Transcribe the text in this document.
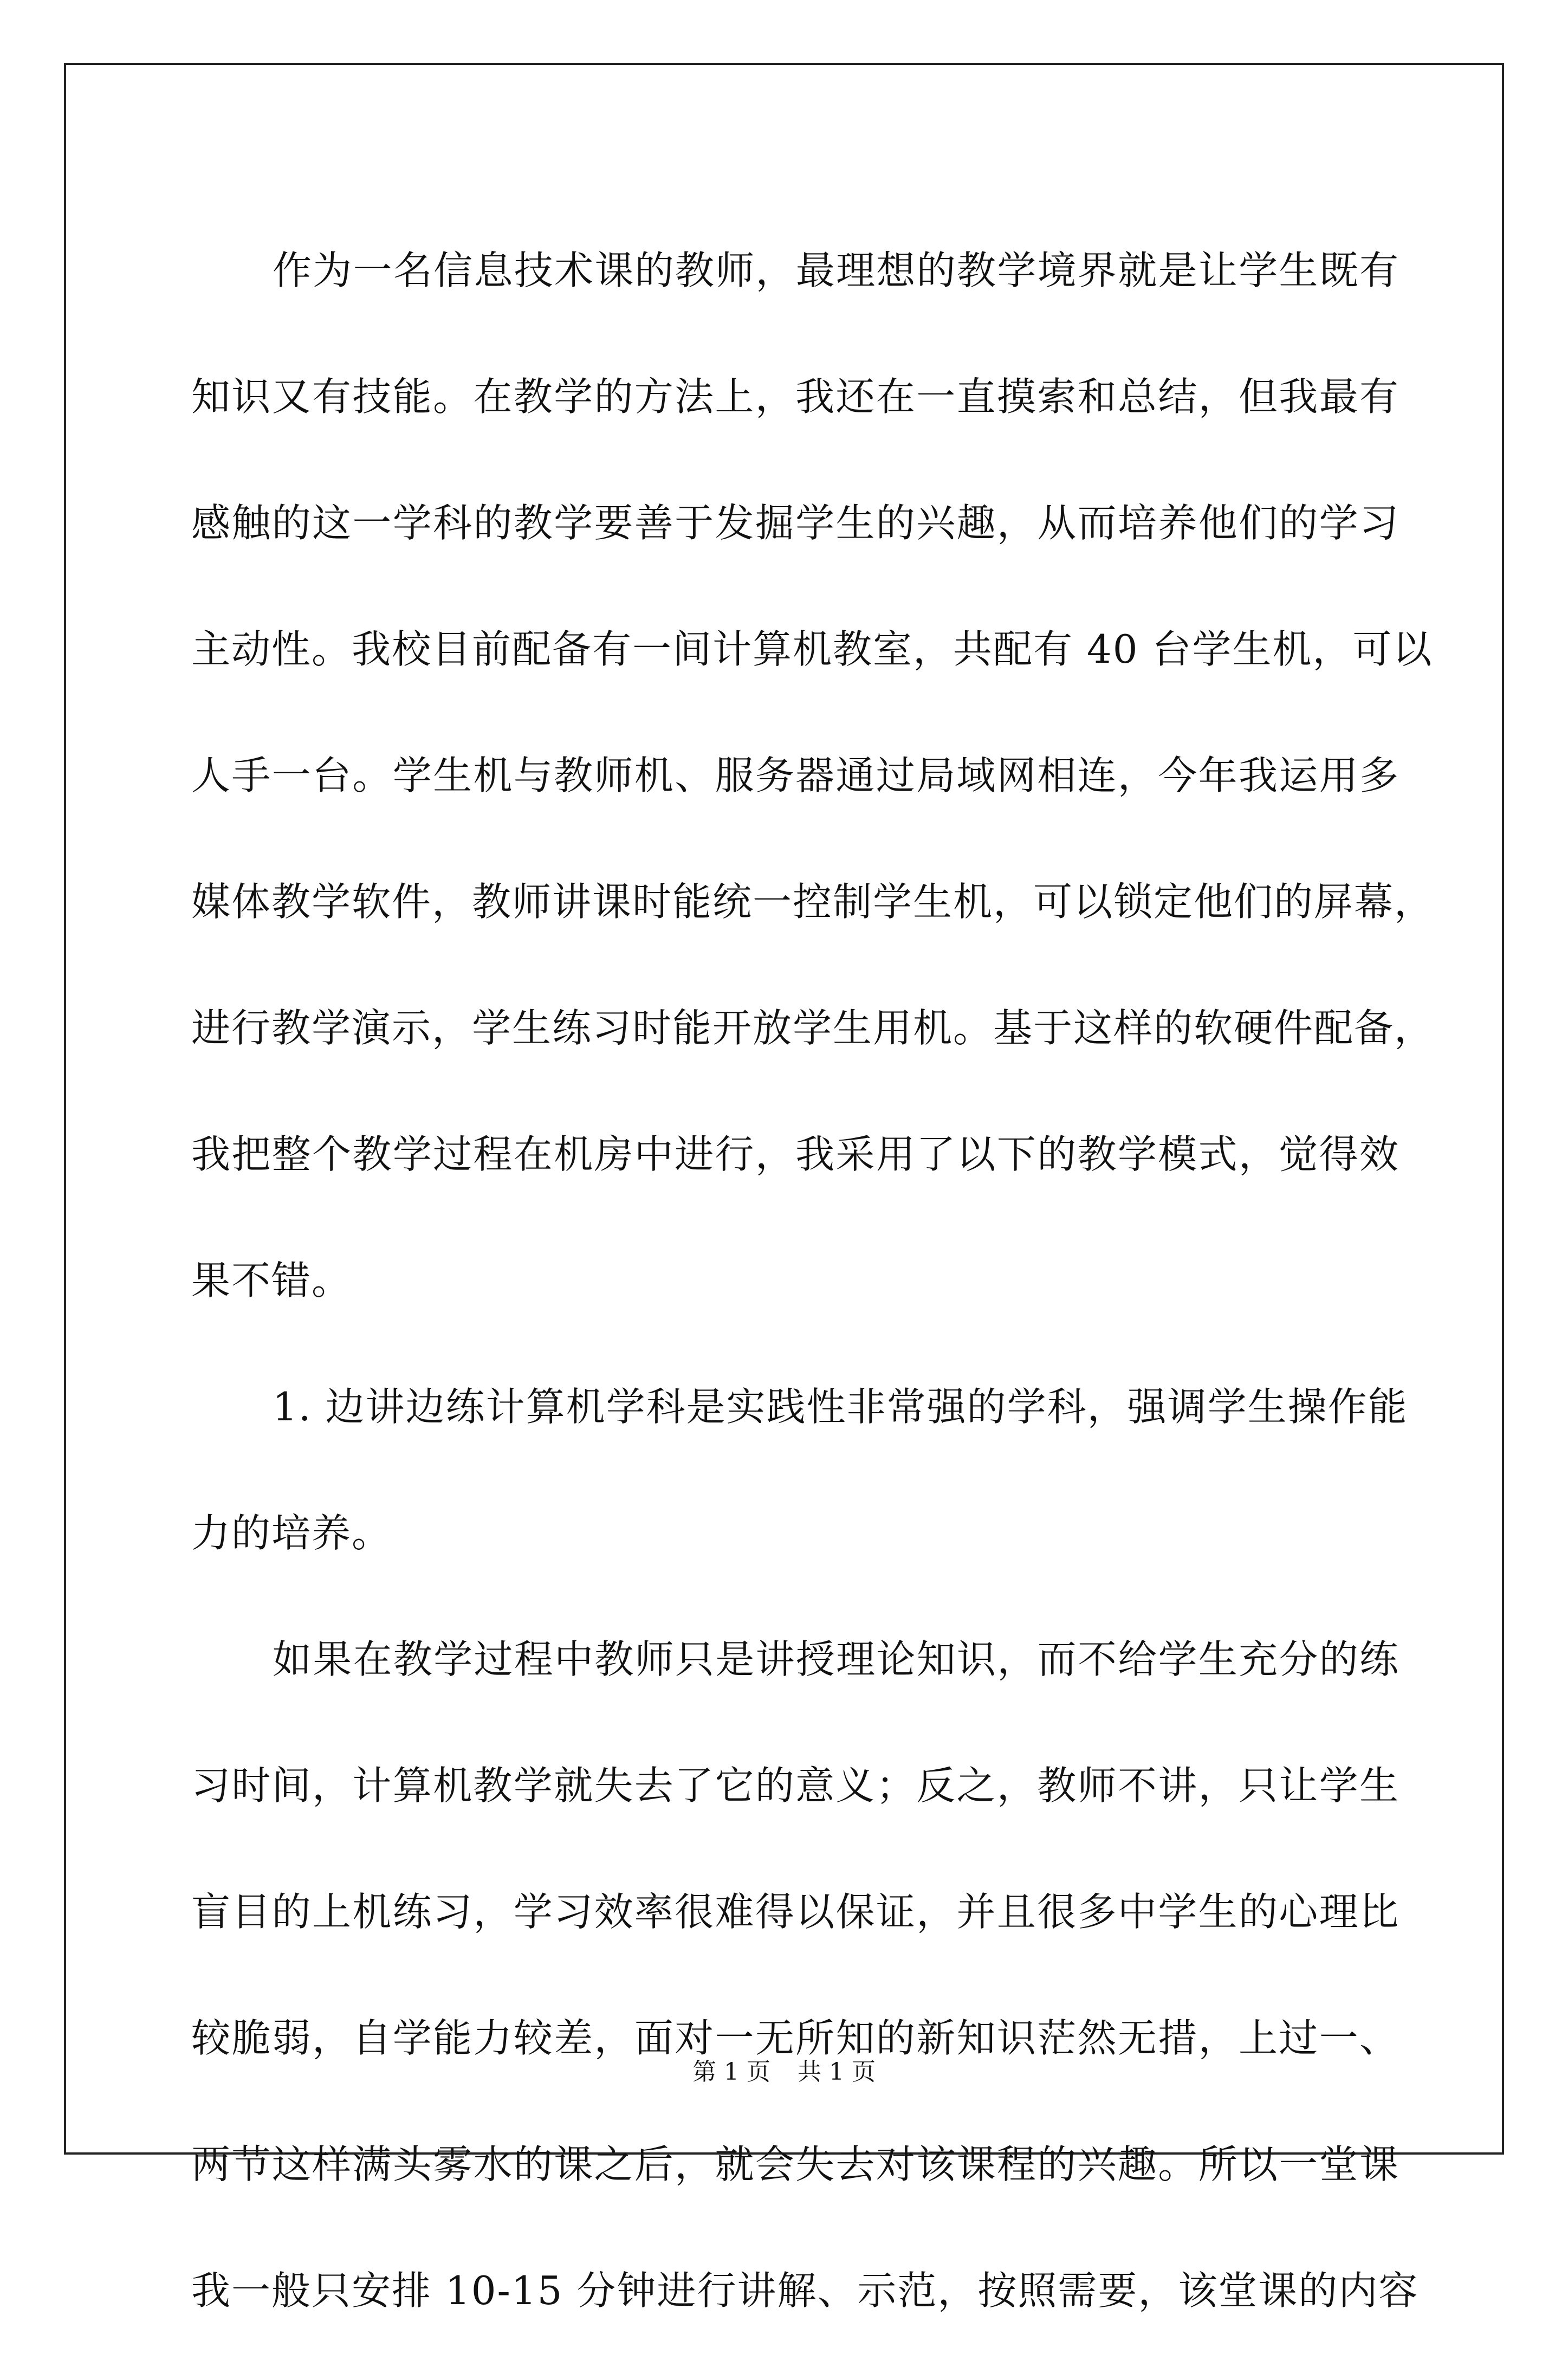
作为一名信息技术课的教师，最理想的教学境界就是让学生既有
知识又有技能。在教学的方法上，我还在一直摸索和总结，但我最有
感触的这一学科的教学要善于发掘学生的兴趣，从而培养他们的学习
主动性。我校目前配备有一间计算机教室，共配有 40 台学生机，可以
人手一台。学生机与教师机、服务器通过局域网相连，今年我运用多
媒体教学软件，教师讲课时能统一控制学生机，可以锁定他们的屏幕，
进行教学演示，学生练习时能开放学生用机。基于这样的软硬件配备，
我把整个教学过程在机房中进行，我采用了以下的教学模式，觉得效
果不错。
1. 边讲边练计算机学科是实践性非常强的学科，强调学生操作能
力的培养。
如果在教学过程中教师只是讲授理论知识，而不给学生充分的练
习时间，计算机教学就失去了它的意义；反之，教师不讲，只让学生
盲目的上机练习，学习效率很难得以保证，并且很多中学生的心理比
较脆弱，自学能力较差，面对一无所知的新知识茫然无措，上过一、
两节这样满头雾水的课之后，就会失去对该课程的兴趣。所以一堂课
我一般只安排 10-15 分钟进行讲解、示范，按照需要，该堂课的内容
第 1 页 共 1 页
